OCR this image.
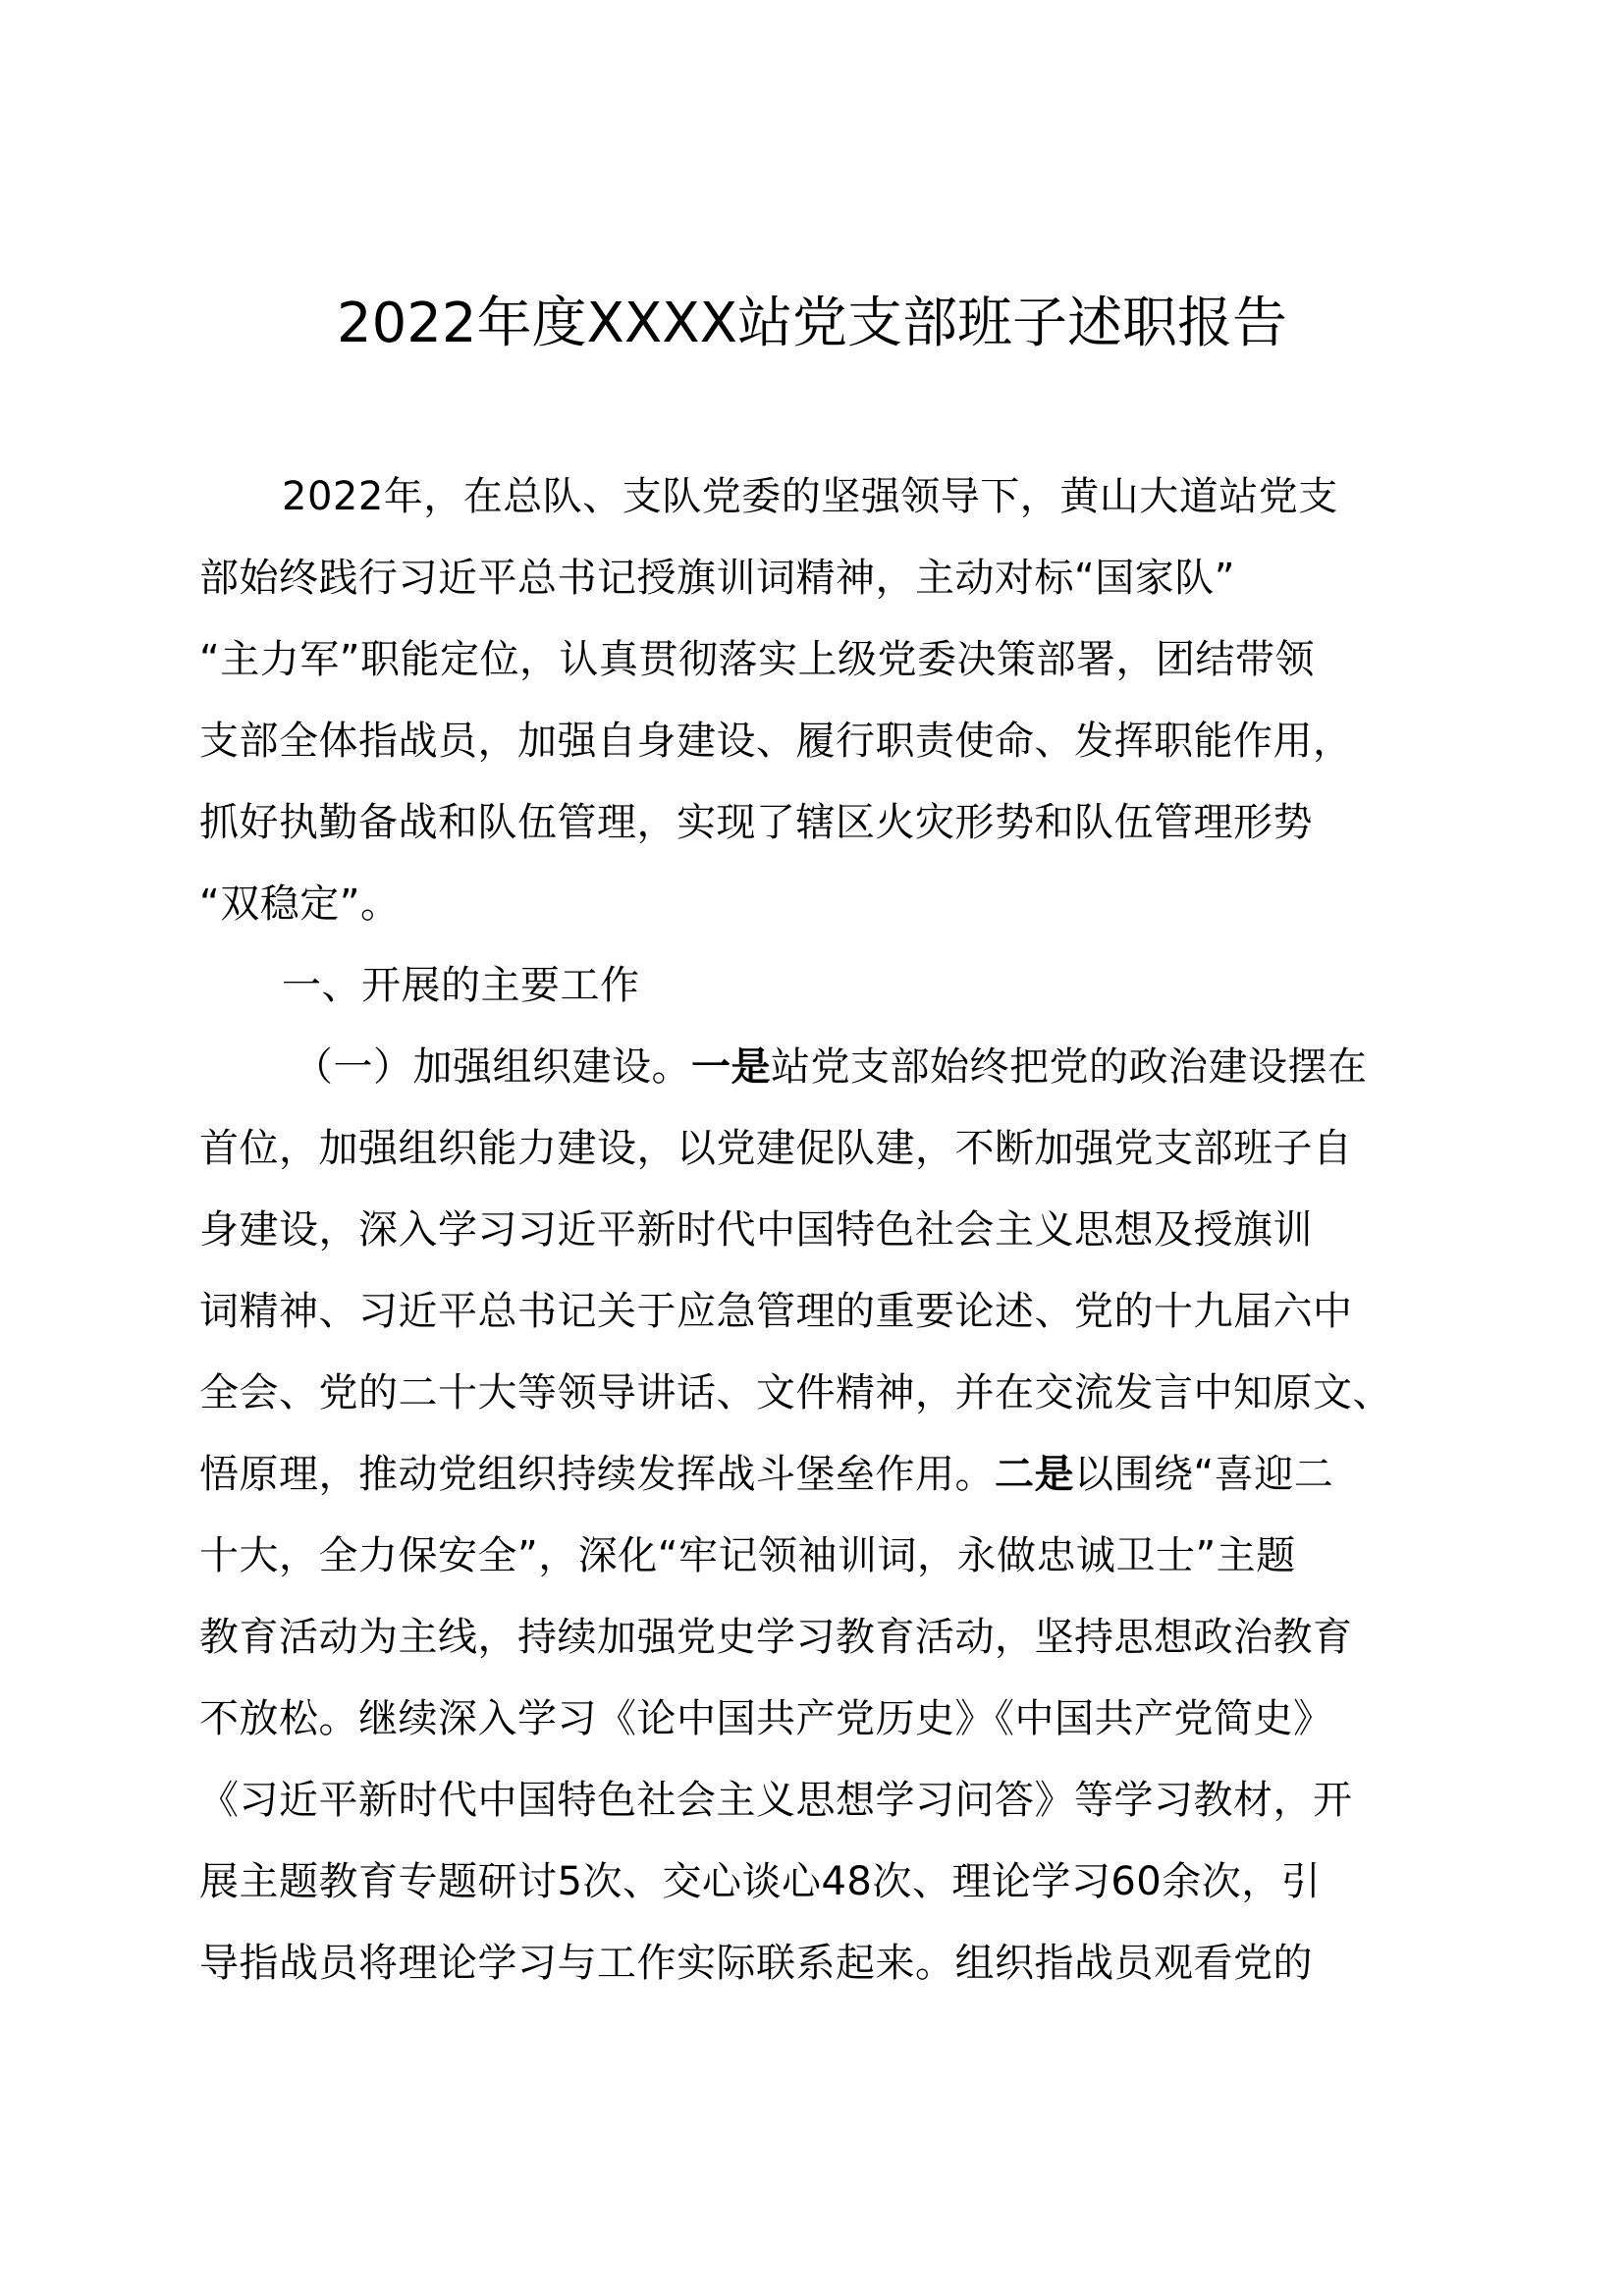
2022年度XXXX站党支部班子述职报告
2022年，在总队、支队党委的坚强领导下，黄山大道站党支
部始终践行习近平总书记授旗训词精神，主动对标“国家队”
“主力军”职能定位，认真贯彻落实上级党委决策部署，团结带领
支部全体指战员，加强自身建设、履行职责使命、发挥职能作用，
抓好执勤备战和队伍管理，实现了辖区火灾形势和队伍管理形势
“双稳定”。
一、开展的主要工作
（一）加强组织建设。一是站党支部始终把党的政治建设摆在
首位，加强组织能力建设，以党建促队建，不断加强党支部班子自
身建设，深入学习习近平新时代中国特色社会主义思想及授旗训
词精神、习近平总书记关于应急管理的重要论述、党的十九届六中
全会、党的二十大等领导讲话、文件精神，并在交流发言中知原文、
悟原理，推动党组织持续发挥战斗堡垒作用。二是以围绕“喜迎二
十大，全力保安全”，深化“牢记领袖训词，永做忠诚卫士”主题
教育活动为主线，持续加强党史学习教育活动，坚持思想政治教育
不放松。继续深入学习《论中国共产党历史》《中国共产党简史》
《习近平新时代中国特色社会主义思想学习问答》等学习教材，开
展主题教育专题研讨5次、交心谈心48次、理论学习60余次，引
导指战员将理论学习与工作实际联系起来。组织指战员观看党的
